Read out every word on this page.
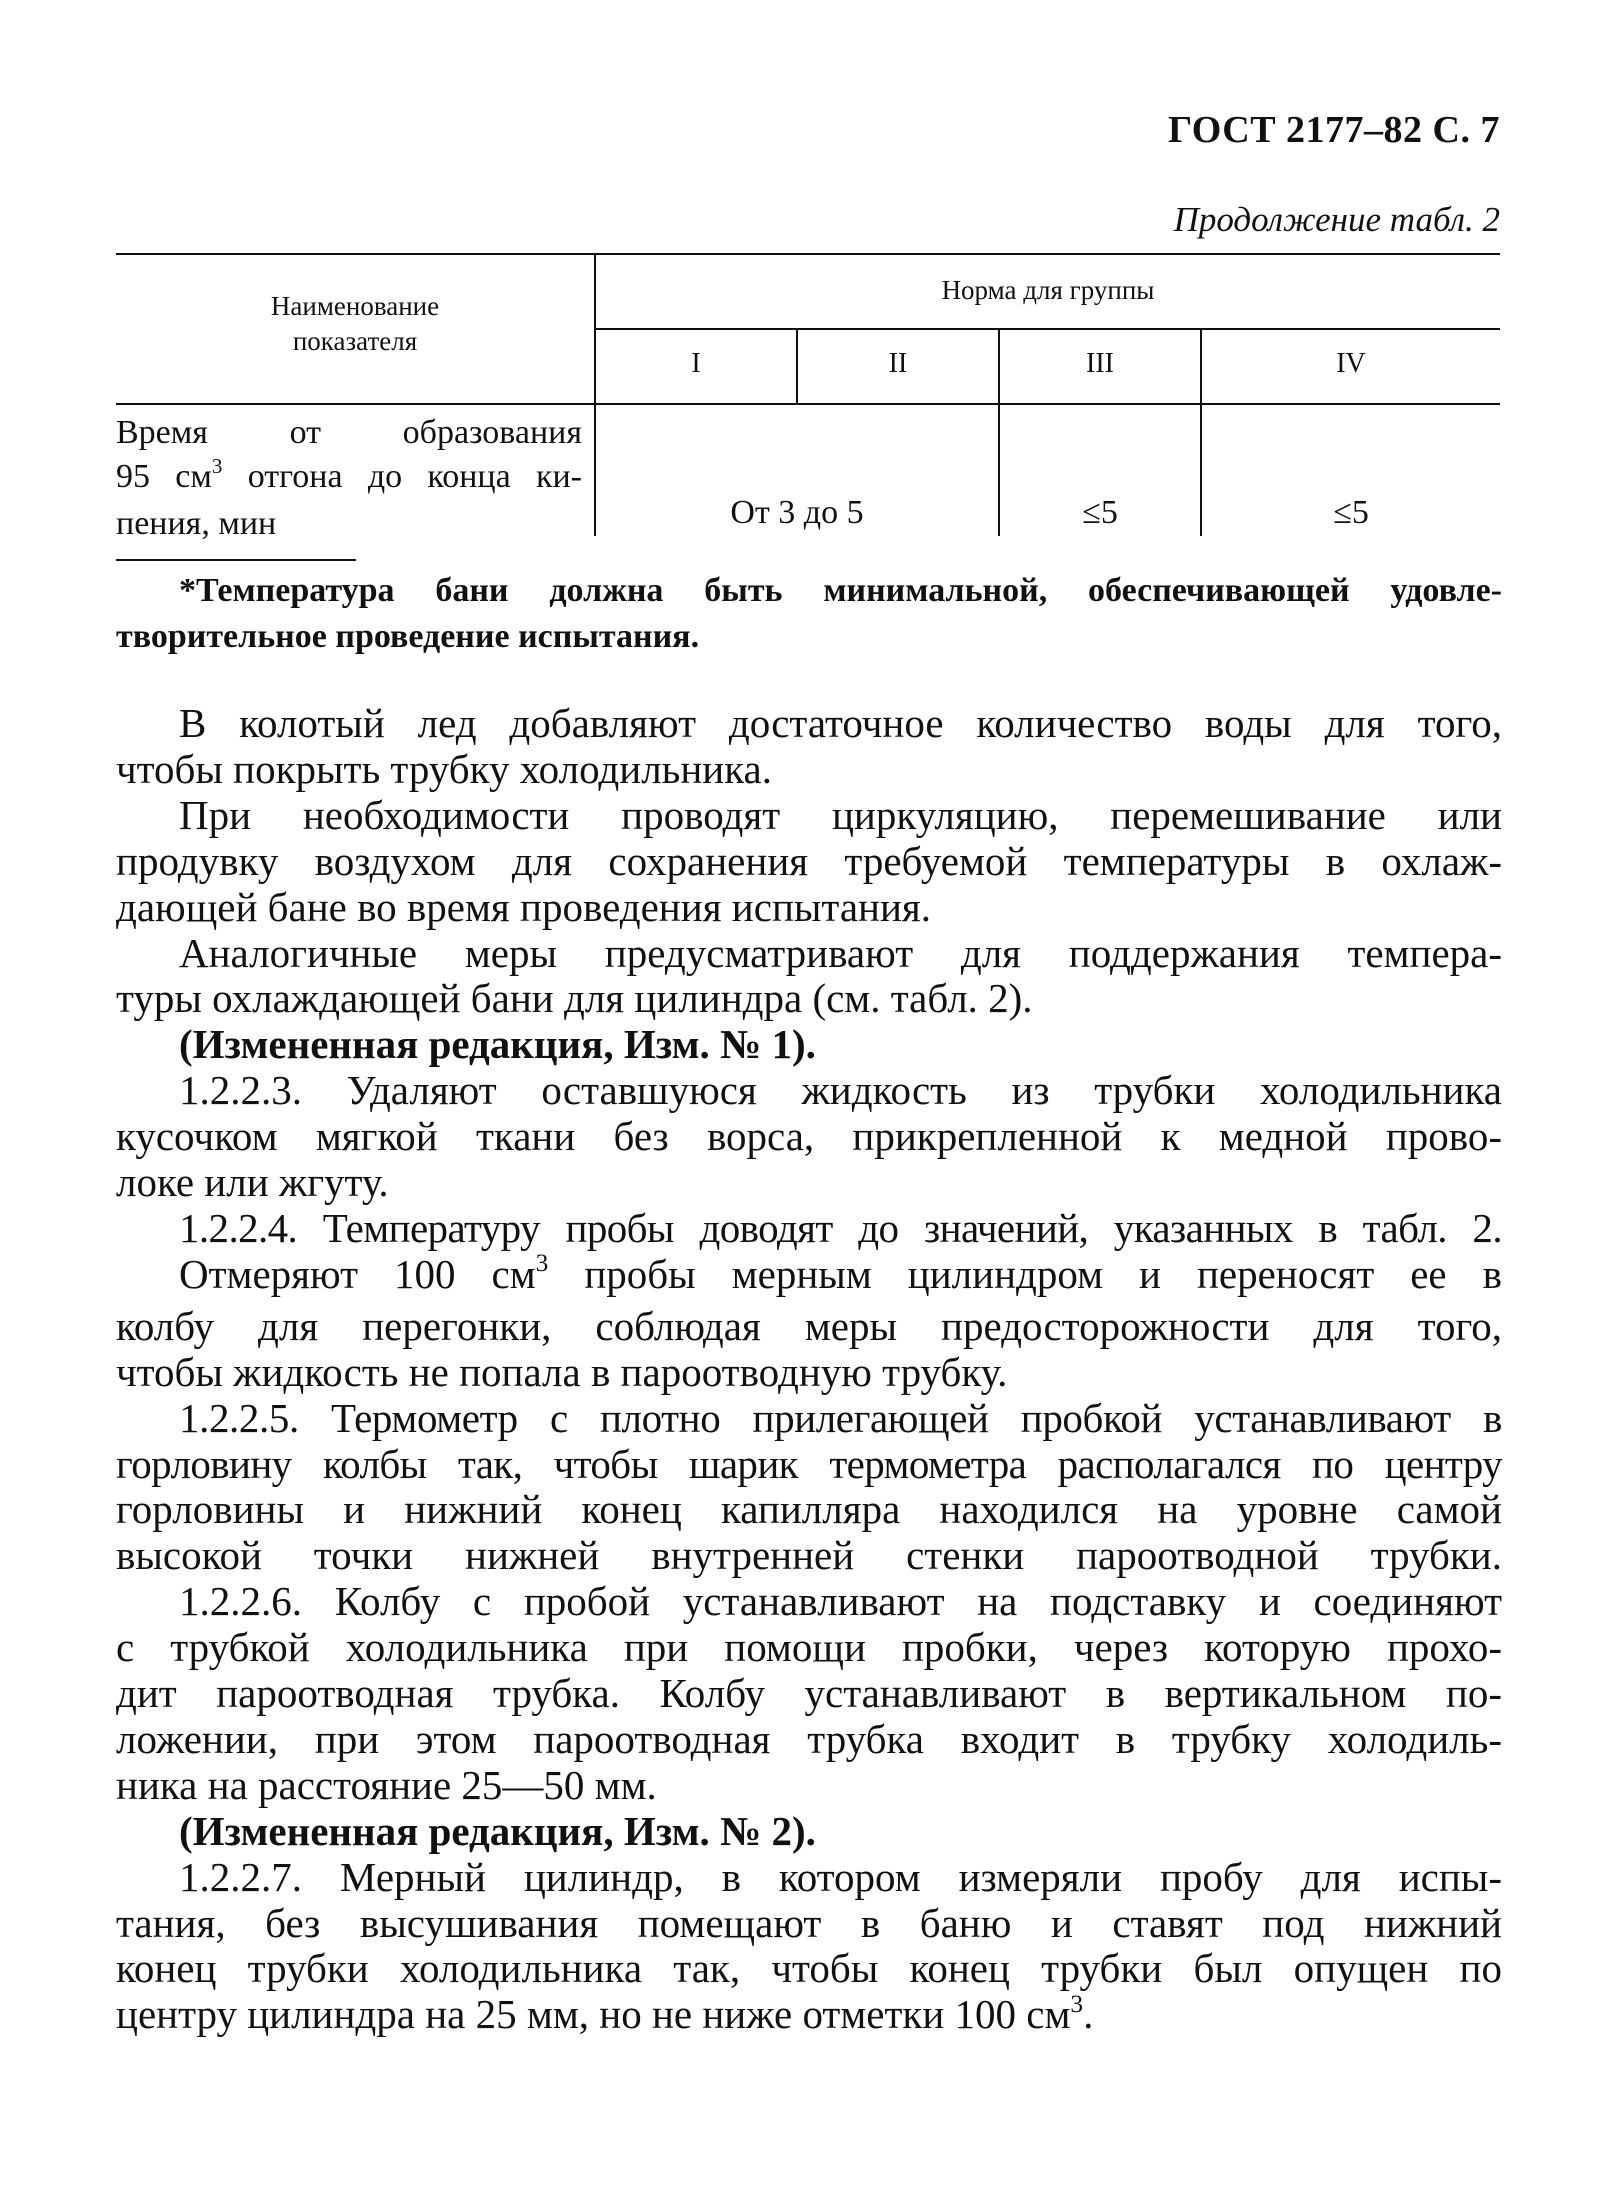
ГОСТ 2177–82 С. 7
Продолжение табл. 2
Наименование
показателя
Норма для группы
I	II	III	IV
Время от образования
95 $см^3$ отгона до конца ки-
пения, мин	От 3 до 5	≤5	≤5
*Температура бани должна быть минимальной, обеспечивающей удовле-
творительное проведение испытания.
В колотый лед добавляют достаточное количество воды для того,
чтобы покрыть трубку холодильника.
При необходимости проводят циркуляцию, перемешивание или
продувку воздухом для сохранения требуемой температуры в охлаж-
дающей бане во время проведения испытания.
Аналогичные меры предусматривают для поддержания темпера-
туры охлаждающей бани для цилиндра (см. табл. 2).
(Измененная редакция, Изм. № 1).
1.2.2.3. Удаляют оставшуюся жидкость из трубки холодильника
кусочком мягкой ткани без ворса, прикрепленной к медной прово-
локе или жгуту.
1.2.2.4. Температуру пробы доводят до значений, указанных в табл. 2.
Отмеряют 100 $см^3$ пробы мерным цилиндром и переносят ее в
колбу для перегонки, соблюдая меры предосторожности для того,
чтобы жидкость не попала в пароотводную трубку.
1.2.2.5. Термометр с плотно прилегающей пробкой устанавливают в
горловину колбы так, чтобы шарик термометра располагался по центру
горловины и нижний конец капилляра находился на уровне самой
высокой точки нижней внутренней стенки пароотводной трубки.
1.2.2.6. Колбу с пробой устанавливают на подставку и соединяют
с трубкой холодильника при помощи пробки, через которую прохо-
дит пароотводная трубка. Колбу устанавливают в вертикальном по-
ложении, при этом пароотводная трубка входит в трубку холодиль-
ника на расстояние 25—50 мм.
(Измененная редакция, Изм. № 2).
1.2.2.7. Мерный цилиндр, в котором измеряли пробу для испы-
тания, без высушивания помещают в баню и ставят под нижний
конец трубки холодильника так, чтобы конец трубки был опущен по
центру цилиндра на 25 мм, но не ниже отметки 100 $см^3$.
